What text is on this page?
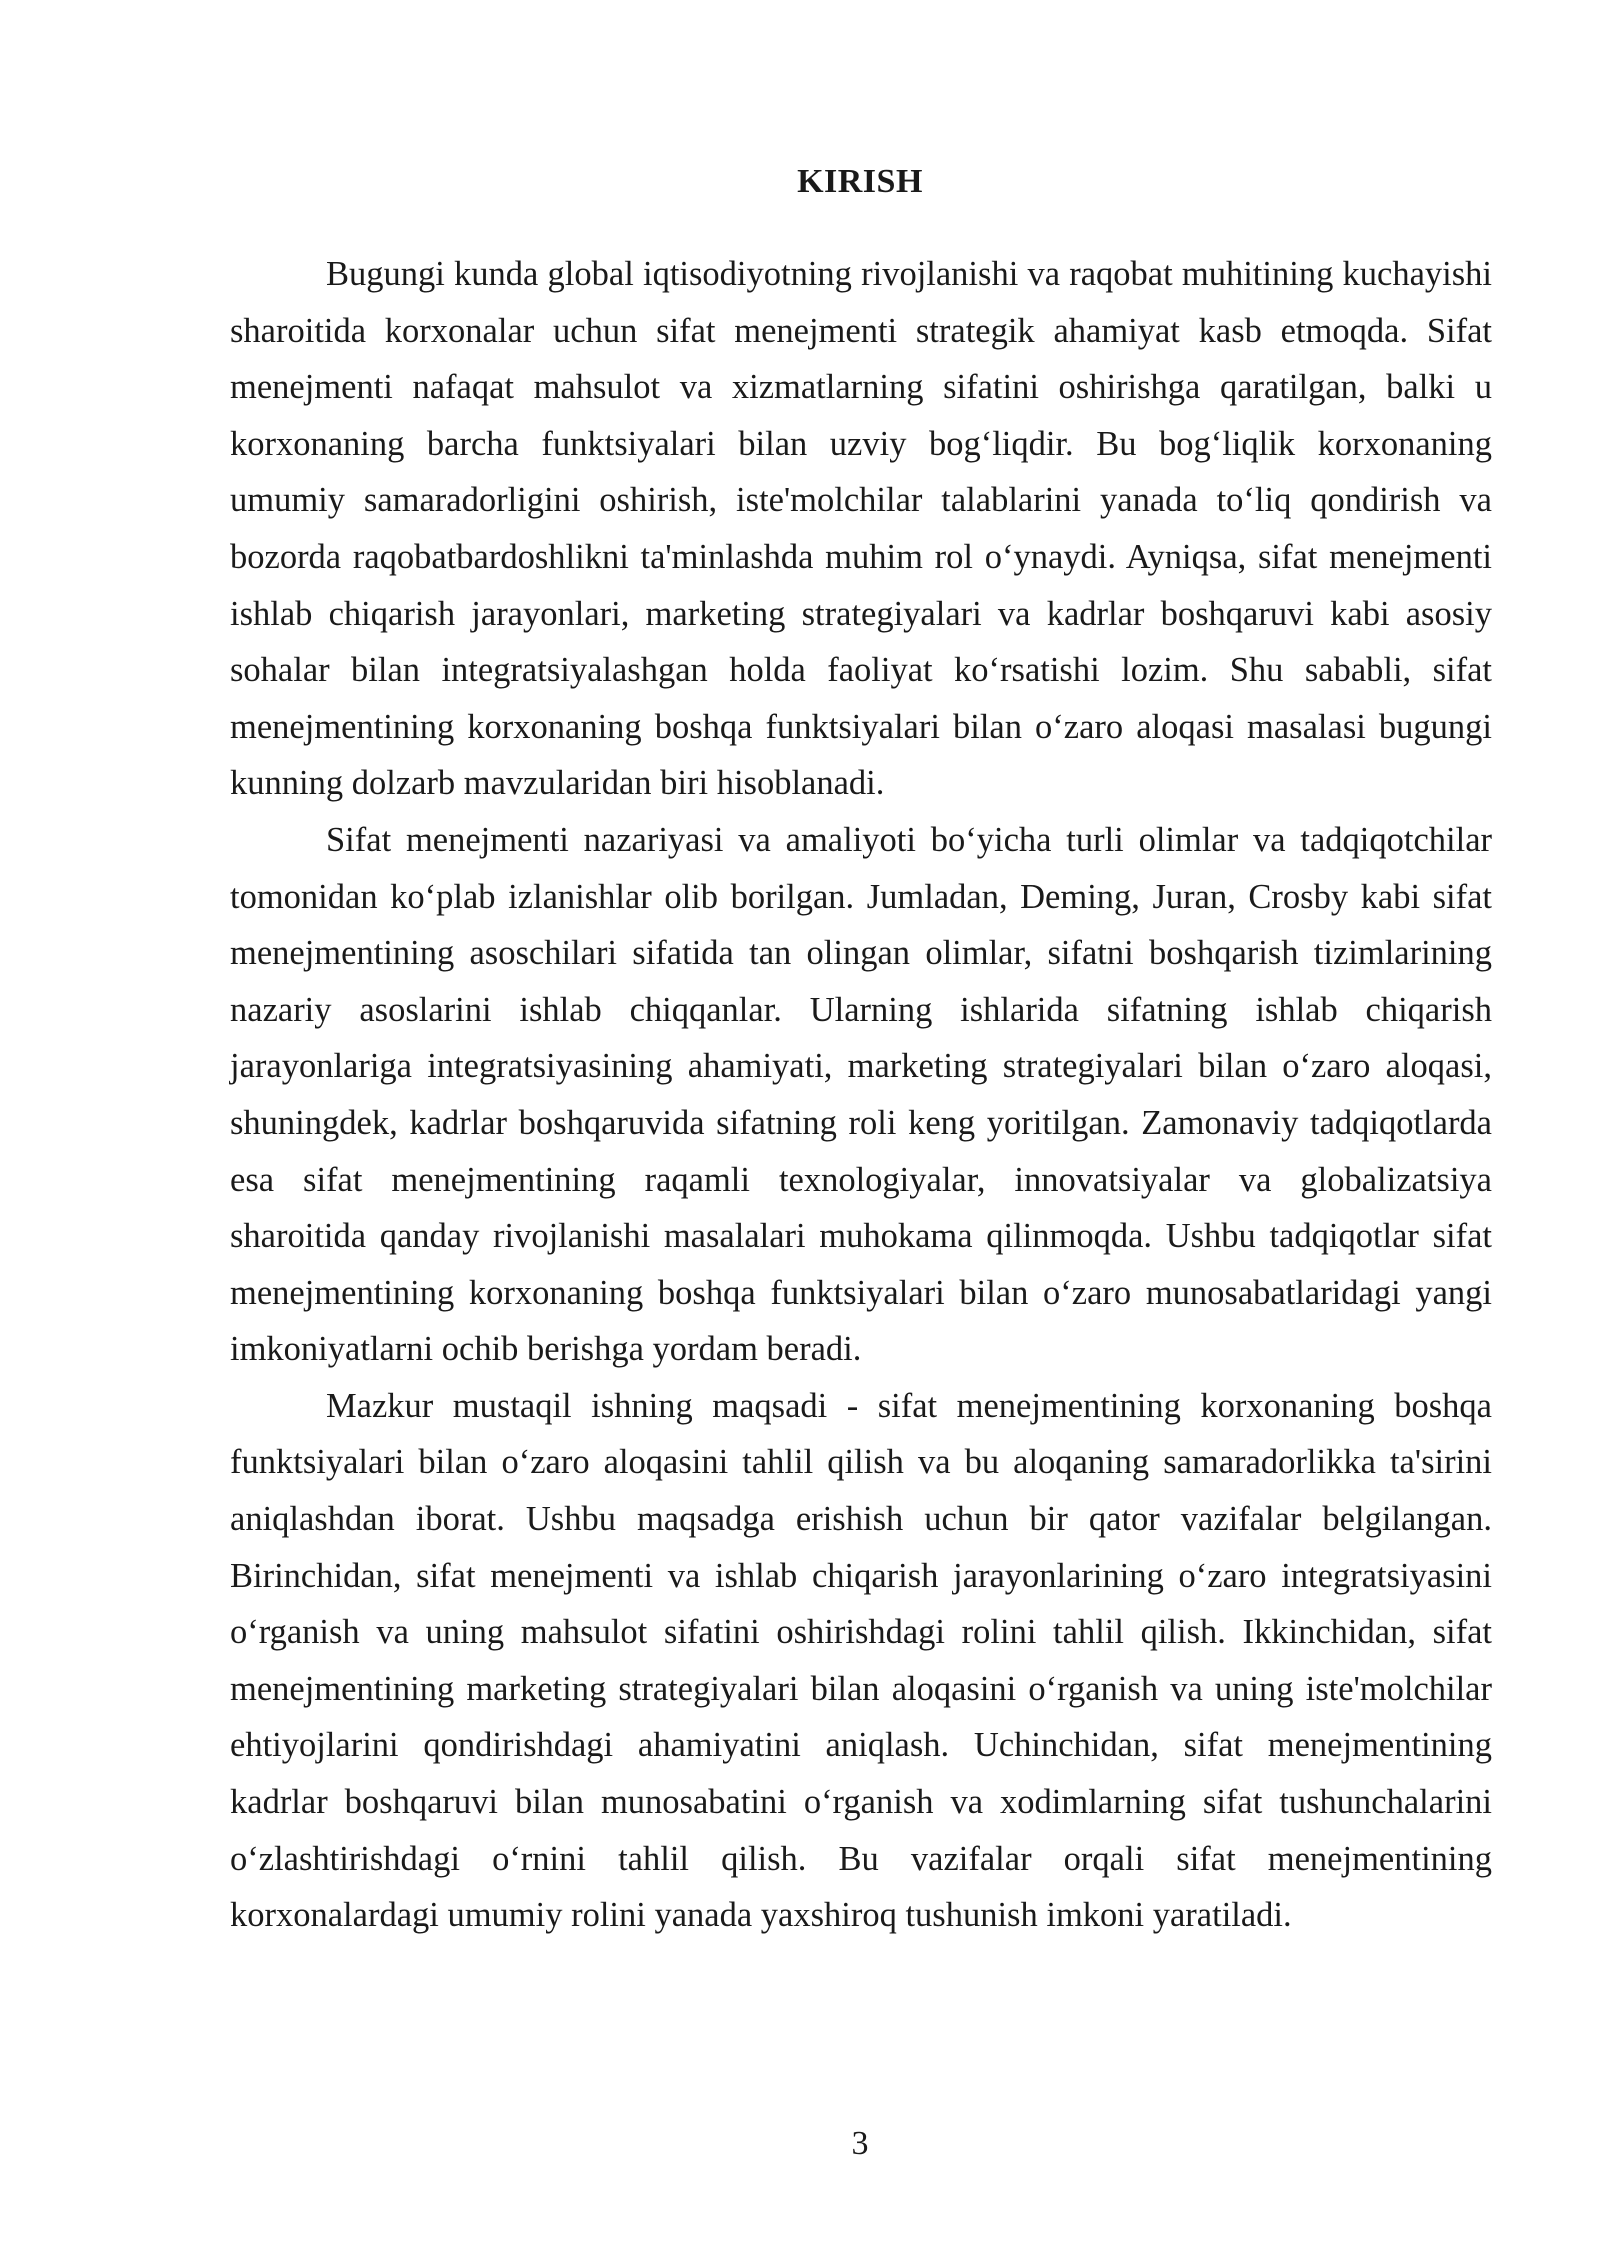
KIRISH

Bugungi kunda global iqtisodiyotning rivojlanishi va raqobat muhitining kuchayishi sharoitida korxonalar uchun sifat menejmenti strategik ahamiyat kasb etmoqda. Sifat menejmenti nafaqat mahsulot va xizmatlarning sifatini oshirishga qaratilgan, balki u korxonaning barcha funktsiyalari bilan uzviy bog‘liqdir. Bu bog‘liqlik korxonaning umumiy samaradorligini oshirish, iste'molchilar talablarini yanada to‘liq qondirish va bozorda raqobatbardoshlikni ta'minlashda muhim rol o‘ynaydi. Ayniqsa, sifat menejmenti ishlab chiqarish jarayonlari, marketing strategiyalari va kadrlar boshqaruvi kabi asosiy sohalar bilan integratsiyalashgan holda faoliyat ko‘rsatishi lozim. Shu sababli, sifat menejmentining korxonaning boshqa funktsiyalari bilan o‘zaro aloqasi masalasi bugungi kunning dolzarb mavzularidan biri hisoblanadi.

Sifat menejmenti nazariyasi va amaliyoti bo‘yicha turli olimlar va tadqiqotchilar tomonidan ko‘plab izlanishlar olib borilgan. Jumladan, Deming, Juran, Crosby kabi sifat menejmentining asoschilari sifatida tan olingan olimlar, sifatni boshqarish tizimlarining nazariy asoslarini ishlab chiqqanlar. Ularning ishlarida sifatning ishlab chiqarish jarayonlariga integratsiyasining ahamiyati, marketing strategiyalari bilan o‘zaro aloqasi, shuningdek, kadrlar boshqaruvida sifatning roli keng yoritilgan. Zamonaviy tadqiqotlarda esa sifat menejmentining raqamli texnologiyalar, innovatsiyalar va globalizatsiya sharoitida qanday rivojlanishi masalalari muhokama qilinmoqda. Ushbu tadqiqotlar sifat menejmentining korxonaning boshqa funktsiyalari bilan o‘zaro munosabatlaridagi yangi imkoniyatlarni ochib berishga yordam beradi.

Mazkur mustaqil ishning maqsadi - sifat menejmentining korxonaning boshqa funktsiyalari bilan o‘zaro aloqasini tahlil qilish va bu aloqaning samaradorlikka ta'sirini aniqlashdan iborat. Ushbu maqsadga erishish uchun bir qator vazifalar belgilangan. Birinchidan, sifat menejmenti va ishlab chiqarish jarayonlarining o‘zaro integratsiyasini o‘rganish va uning mahsulot sifatini oshirishdagi rolini tahlil qilish. Ikkinchidan, sifat menejmentining marketing strategiyalari bilan aloqasini o‘rganish va uning iste'molchilar ehtiyojlarini qondirishdagi ahamiyatini aniqlash. Uchinchidan, sifat menejmentining kadrlar boshqaruvi bilan munosabatini o‘rganish va xodimlarning sifat tushunchalarini o‘zlashtirishdagi o‘rnini tahlil qilish. Bu vazifalar orqali sifat menejmentining korxonalardagi umumiy rolini yanada yaxshiroq tushunish imkoni yaratiladi.

3
